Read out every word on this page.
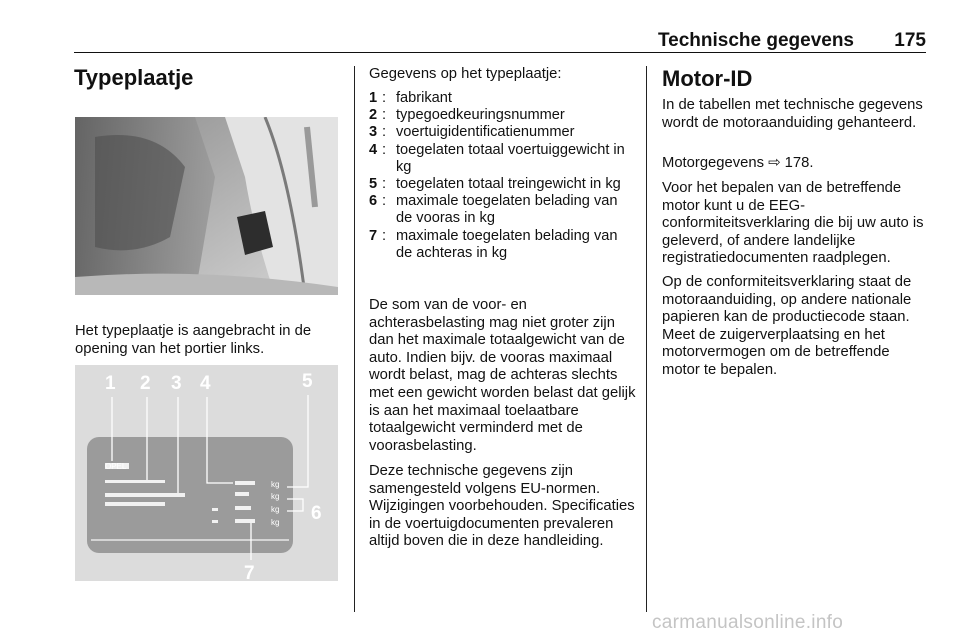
Technische gegevens	175
Typeplaatje
Het typeplaatje is aangebracht in de opening van het portier links.
kg
kg
kg
kg
OPEL
1 2 3 4	5
6
7
Gegevens op het typeplaatje:
1 : fabrikant
2 : typegoedkeuringsnummer
3 : voertuigidentificatienummer
4 : toegelaten totaal voertuiggewicht in kg
5 : toegelaten totaal treingewicht in kg
6 : maximale toegelaten belading van de vooras in kg
7 : maximale toegelaten belading van de achteras in kg
De som van de voor- en achterasbelasting mag niet groter zijn dan het maximale totaalgewicht van de auto. Indien bijv. de vooras maximaal wordt belast, mag de achteras slechts met een gewicht worden belast dat gelijk is aan het maximaal toelaatbare totaalgewicht verminderd met de voorasbelasting.
Deze technische gegevens zijn samengesteld volgens EU-normen. Wijzigingen voorbehouden. Specificaties in de voertuigdocumenten prevaleren altijd boven die in deze handleiding.
Motor-ID
In de tabellen met technische gegevens wordt de motoraanduiding gehanteerd.
Motorgegevens ⇨ 178.
Voor het bepalen van de betreffende motor kunt u de EEG-conformiteitsverklaring die bij uw auto is geleverd, of andere landelijke registratiedocumenten raadplegen.
Op de conformiteitsverklaring staat de motoraanduiding, op andere nationale papieren kan de productiecode staan. Meet de zuigerverplaatsing en het motorvermogen om de betreffende motor te bepalen.
carmanualsonline.info
